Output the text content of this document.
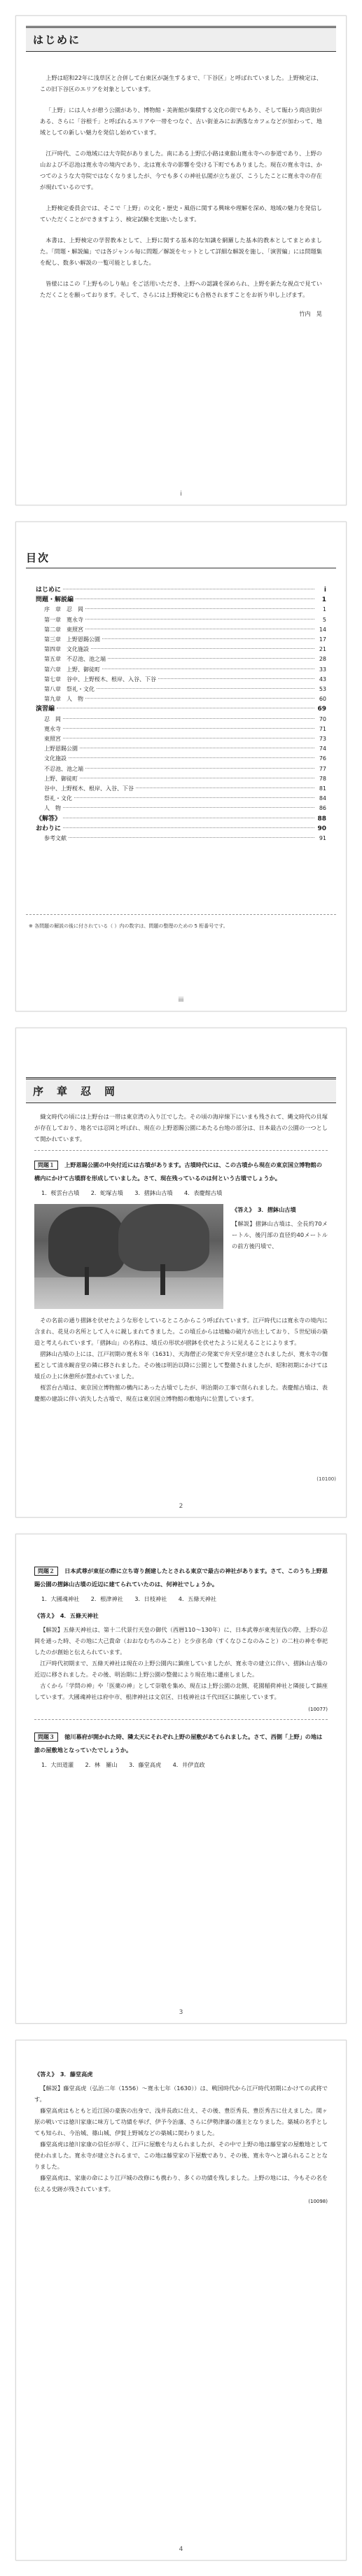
はじめに

上野は昭和22年に浅草区と合併して台東区が誕生するまで、「下谷区」と呼ばれていました。上野検定は、この旧下谷区のエリアを対象としています。

「上野」には人々が憩う公園があり、博物館・美術館が集積する文化の街でもあり、そして賑わう商店街がある、さらに「谷根千」と呼ばれるエリアや一帯をつなぐ、古い街並みにお洒落なカフェなどが加わって、地域としての新しい魅力を発信し始めています。

江戸時代、この地域には大寺院がありました。南にある上野広小路は東叡山寛永寺への参道であり、上野の山および不忍池は寛永寺の境内であり、北は寛永寺の影響を受ける下町でもありました。現在の寛永寺は、かつてのような大寺院ではなくなりましたが、今でも多くの神社仏閣が立ち並び、こうしたことに寛永寺の存在が現れているのです。

上野検定委員会では、そこで「上野」の文化・歴史・風俗に関する興味や理解を深め、地域の魅力を発信していただくことができますよう、検定試験を実施いたします。

本書は、上野検定の学習教本として、上野に関する基本的な知識を網羅した基本的教本としてまとめました。「問題・解説編」では各ジャンル毎に問題／解説をセットとして詳細な解説を施し、「演習編」には問題集を配し、数多い解説の一覧可能としました。

皆様にはこの『上野ものしり帖』をご活用いただき、上野への認識を深められ、上野を新たな視点で見ていただくことを願っております。そして、さらには上野検定にも合格されますことをお祈り申し上げます。

竹内　晃
i
目次
はじめに	i
問題・解説編	1
序　章　忍　岡	1
第一章　寛永寺	5
第二章　東照宮	14
第三章　上野恩賜公園	17
第四章　文化施設	21
第五章　不忍池、池之端	28
第六章　上野、御徒町	33
第七章　谷中、上野桜木、根岸、入谷、下谷	43
第八章　祭礼・文化	53
第九章　人　物	60
演習編	69
忍　岡	70
寛永寺	71
東照宮	73
上野恩賜公園	74
文化施設	76
不忍池、池之端	77
上野、御徒町	78
谷中、上野桜木、根岸、入谷、下谷	81
祭礼・文化	84
人　物	86
《解答》	88
おわりに	90
参考文献	91
※ 各問題の解説の後に付されている（ ）内の数字は、問題の整理のための 5 桁番号です。
iii
序　章　忍　岡

織文時代の頃には上野台は一帯は東京湾の入り江でした。その頃の海岸線下にいまも残されて、縄文時代の貝塚が存在しており、地名では忍岡と呼ばれ、現在の上野恩賜公園にあたる台地の部分は、日本最古の公園の一つとして開かれています。

問題１ 上野恩賜公園の中央付近には古墳があります。古墳時代には、この古墳から現在の東京国立博物館の構内にかけて古墳群を形成していました。さて、現在残っているのは何という古墳でしょうか。
1．桜雲台古墳　　2．蛇塚古墳　　3．摺鉢山古墳　　4．表慶館古墳
《答え》　3．摺鉢山古墳

【解説】摺鉢山古墳は、全長約70メートル、後円部の直径約40メートルの前方後円墳で、

その名前の通り摺鉢を伏せたような形をしているところからこう呼ばれています。江戸時代には寛永寺の境内に含まれ、花見の名所として人々に親しまれてきました。この墳丘からは埴輪の破片が出土しており、５世紀頃の築造と考えられています。「摺鉢山」の名称は、墳丘の形状が摺鉢を伏せたように見えることによります。

摺鉢山古墳の上には、江戸初期の寛永８年（1631）、天海僧正の発案で弁天堂が建立されましたが、寛永寺の伽藍として清水観音堂の隣に移されました。その後は明治以降に公園として整備されましたが、昭和初期にかけては墳丘の上に休憩所が置かれていました。

桜雲台古墳は、東京国立博物館の構内にあった古墳でしたが、明治期の工事で削られました。表慶館古墳は、表慶館の建設に伴い消失した古墳で、現在は東京国立博物館の敷地内に位置しています。

(10100)
2
問題２ 日本武尊が東征の際に立ち寄り創建したとされる東京で最古の神社があります。さて、このうち上野恩賜公園の摺鉢山古墳の近辺に建てられていたのは、何神社でしょうか。
1．大國魂神社　　2．根津神社　　3．日枝神社　　4．五條天神社
《答え》　4．五條天神社

【解説】五條天神社は、第十二代景行天皇の御代（西暦110〜130年）に、日本武尊が東夷征伐の際、上野の忍岡を通った時、その地に大己貴命（おおなむちのみこと）と少彦名命（すくなひこなのみこと）の二柱の神を奉祀したのが創始と伝えられています。

江戸時代初期まで、五條天神社は現在の上野公園内に鎮座していましたが、寛永寺の建立に伴い、摺鉢山古墳の近辺に移されました。その後、明治期に上野公園の整備により現在地に遷座しました。

古くから「学問の神」や「医薬の神」として崇敬を集め、現在は上野公園の北側、花園稲荷神社と隣接して鎮座しています。大國魂神社は府中市、根津神社は文京区、日枝神社は千代田区に鎮座しています。

(10077)
問題３ 徳川幕府が開かれた時、隣太天にそれぞれ上野の屋敷があてられました。さて、西側「上野」の地は誰の屋敷地となっていたでしょうか。
1．大田道灌　　2．林　羅山　　3．藤堂高虎　　4．井伊直政
3
《答え》　3．藤堂高虎

【解説】藤堂高虎（弘治二年（1556）〜寛永七年（1630））は、戦国時代から江戸時代初期にかけての武将です。

藤堂高虎はもともと近江国の豪族の出身で、浅井長政に仕え、その後、豊臣秀長、豊臣秀吉に仕えました。関ヶ原の戦いでは徳川家康に味方して功績を挙げ、伊予今治藩、さらに伊勢津藩の藩主となりました。築城の名手としても知られ、今治城、篠山城、伊賀上野城などの築城に関わりました。

藤堂高虎は徳川家康の信任が厚く、江戸に屋敷を与えられましたが、その中で上野の地は藤堂家の屋敷地として使われました。寛永寺が建立されるまで、この地は藤堂家の下屋敷であり、その後、寛永寺へと譲られることとなりました。

藤堂高虎は、家康の命により江戸城の改修にも携わり、多くの功績を残しました。上野の地には、今もその名を伝える史跡が残されています。

(10098)
4
